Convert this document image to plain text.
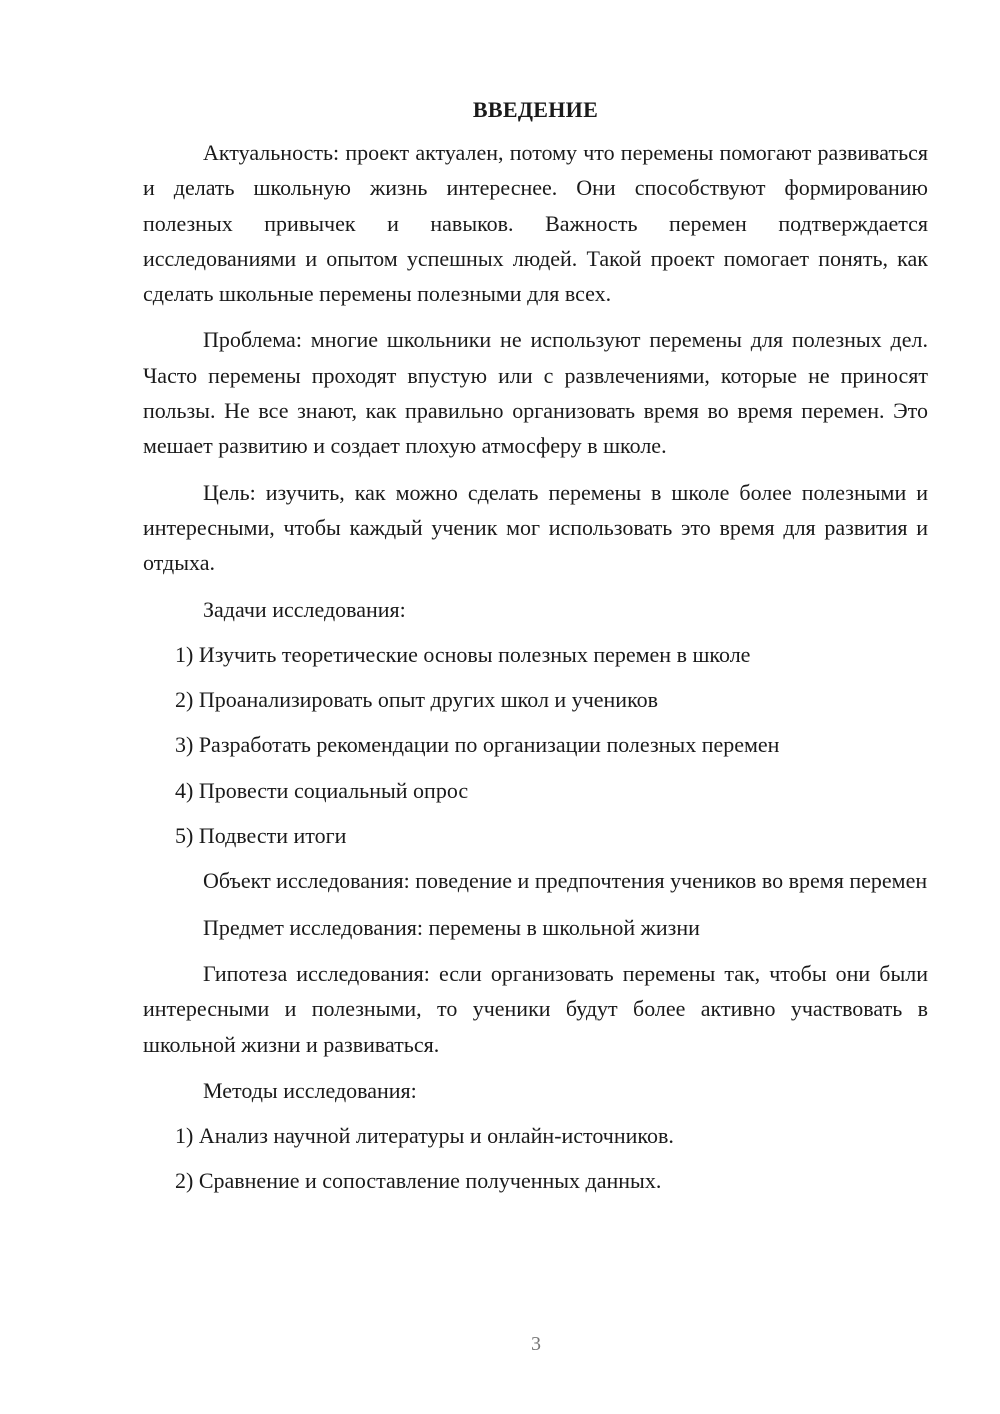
ВВЕДЕНИЕ

Актуальность: проект актуален, потому что перемены помогают развиваться и делать школьную жизнь интереснее. Они способствуют формированию полезных привычек и навыков. Важность перемен подтверждается исследованиями и опытом успешных людей. Такой проект помогает понять, как сделать школьные перемены полезными для всех.

Проблема: многие школьники не используют перемены для полезных дел. Часто перемены проходят впустую или с развлечениями, которые не приносят пользы. Не все знают, как правильно организовать время во время перемен. Это мешает развитию и создает плохую атмосферу в школе.

Цель: изучить, как можно сделать перемены в школе более полезными и интересными, чтобы каждый ученик мог использовать это время для развития и отдыха.

Задачи исследования:

1) Изучить теоретические основы полезных перемен в школе
2) Проанализировать опыт других школ и учеников
3) Разработать рекомендации по организации полезных перемен
4) Провести социальный опрос
5) Подвести итоги

Объект исследования: поведение и предпочтения учеников во время перемен

Предмет исследования: перемены в школьной жизни

Гипотеза исследования: если организовать перемены так, чтобы они были интересными и полезными, то ученики будут более активно участвовать в школьной жизни и развиваться.

Методы исследования:

1) Анализ научной литературы и онлайн-источников.
2) Сравнение и сопоставление полученных данных.
3
